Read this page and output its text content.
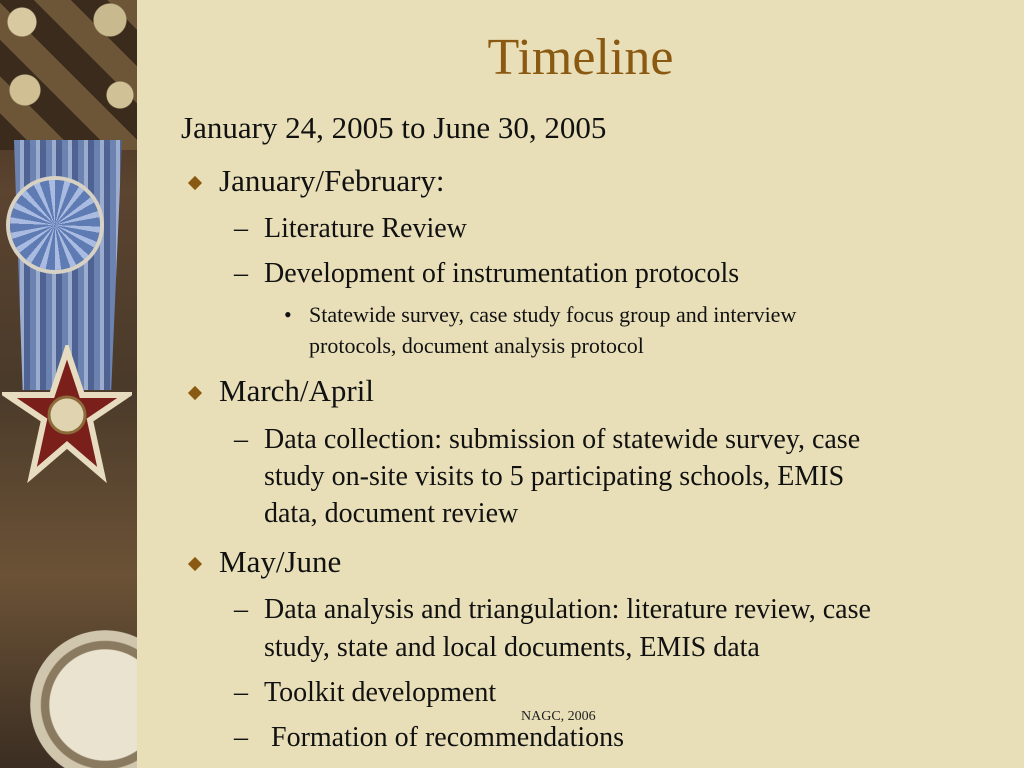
Timeline
January 24, 2005 to June 30, 2005
January/February:
– Literature Review
– Development of instrumentation protocols
• Statewide survey, case study focus group and interview
protocols, document analysis protocol
March/April
– Data collection: submission of statewide survey, case
study on-site visits to 5 participating schools, EMIS
data, document review
May/June
– Data analysis and triangulation: literature review, case
study, state and local documents, EMIS data
– Toolkit development
– Formation of recommendations
NAGC, 2006
